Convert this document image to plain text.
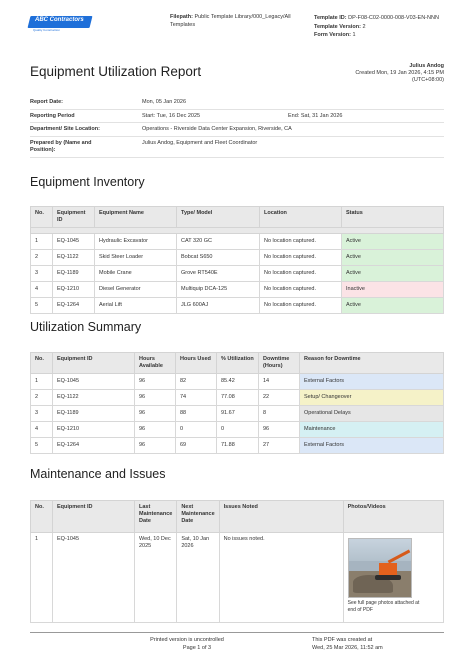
ABC Contractors
Quality Construction
Filepath: Public Template Library/000_Legacy/All Templates
Template ID: DP-F08-C02-0000-008-V03-EN-NNN
Template Version: 2
Form Version: 1
Equipment Utilization Report	Julius Andog
Created Mon, 19 Jan 2026, 4:15 PM
(UTC+08:00)
Report Date:	Mon, 05 Jan 2026
Reporting Period	Start: Tue, 16 Dec 2025	End: Sat, 31 Jan 2026
Department/ Site Location:	Operations - Riverside Data Center Expansion, Riverside, CA
Prepared by (Name and Position):
Julius Andog, Equipment and Fleet Coordinator
Equipment Inventory
No.	Equipment ID	Equipment Name	Type/ Model	Location	Status

1	EQ-1045	Hydraulic Excavator	CAT 320 GC	No location captured.	Active
2	EQ-1122	Skid Steer Loader	Bobcat S650	No location captured.	Active
3	EQ-1189	Mobile Crane	Grove RT540E	No location captured.	Active
4	EQ-1210	Diesel Generator	Multiquip DCA-125	No location captured.	Inactive
5	EQ-1264	Aerial Lift	JLG 600AJ	No location captured.	Active
Utilization Summary
No.	Equipment ID	Hours Available	Hours Used	% Utilization	Downtime (Hours)	Reason for Downtime
1	EQ-1045	96	82	85.42	14	External Factors
2	EQ-1122	96	74	77.08	22	Setup/ Changeover
3	EQ-1189	96	88	91.67	8	Operational Delays
4	EQ-1210	96	0	0	96	Maintenance
5	EQ-1264	96	69	71.88	27	External Factors
Maintenance and Issues
No.	Equipment ID	Last Maintenance Date	Next Maintenance Date	Issues Noted	Photos/Videos
1	EQ-1045	Wed, 10 Dec 2025	Sat, 10 Jan 2026	No issues noted.	See full page photos attached at end of PDF
Printed version is uncontrolled
Page 1 of 3
This PDF was created at
Wed, 25 Mar 2026, 11:52 am
